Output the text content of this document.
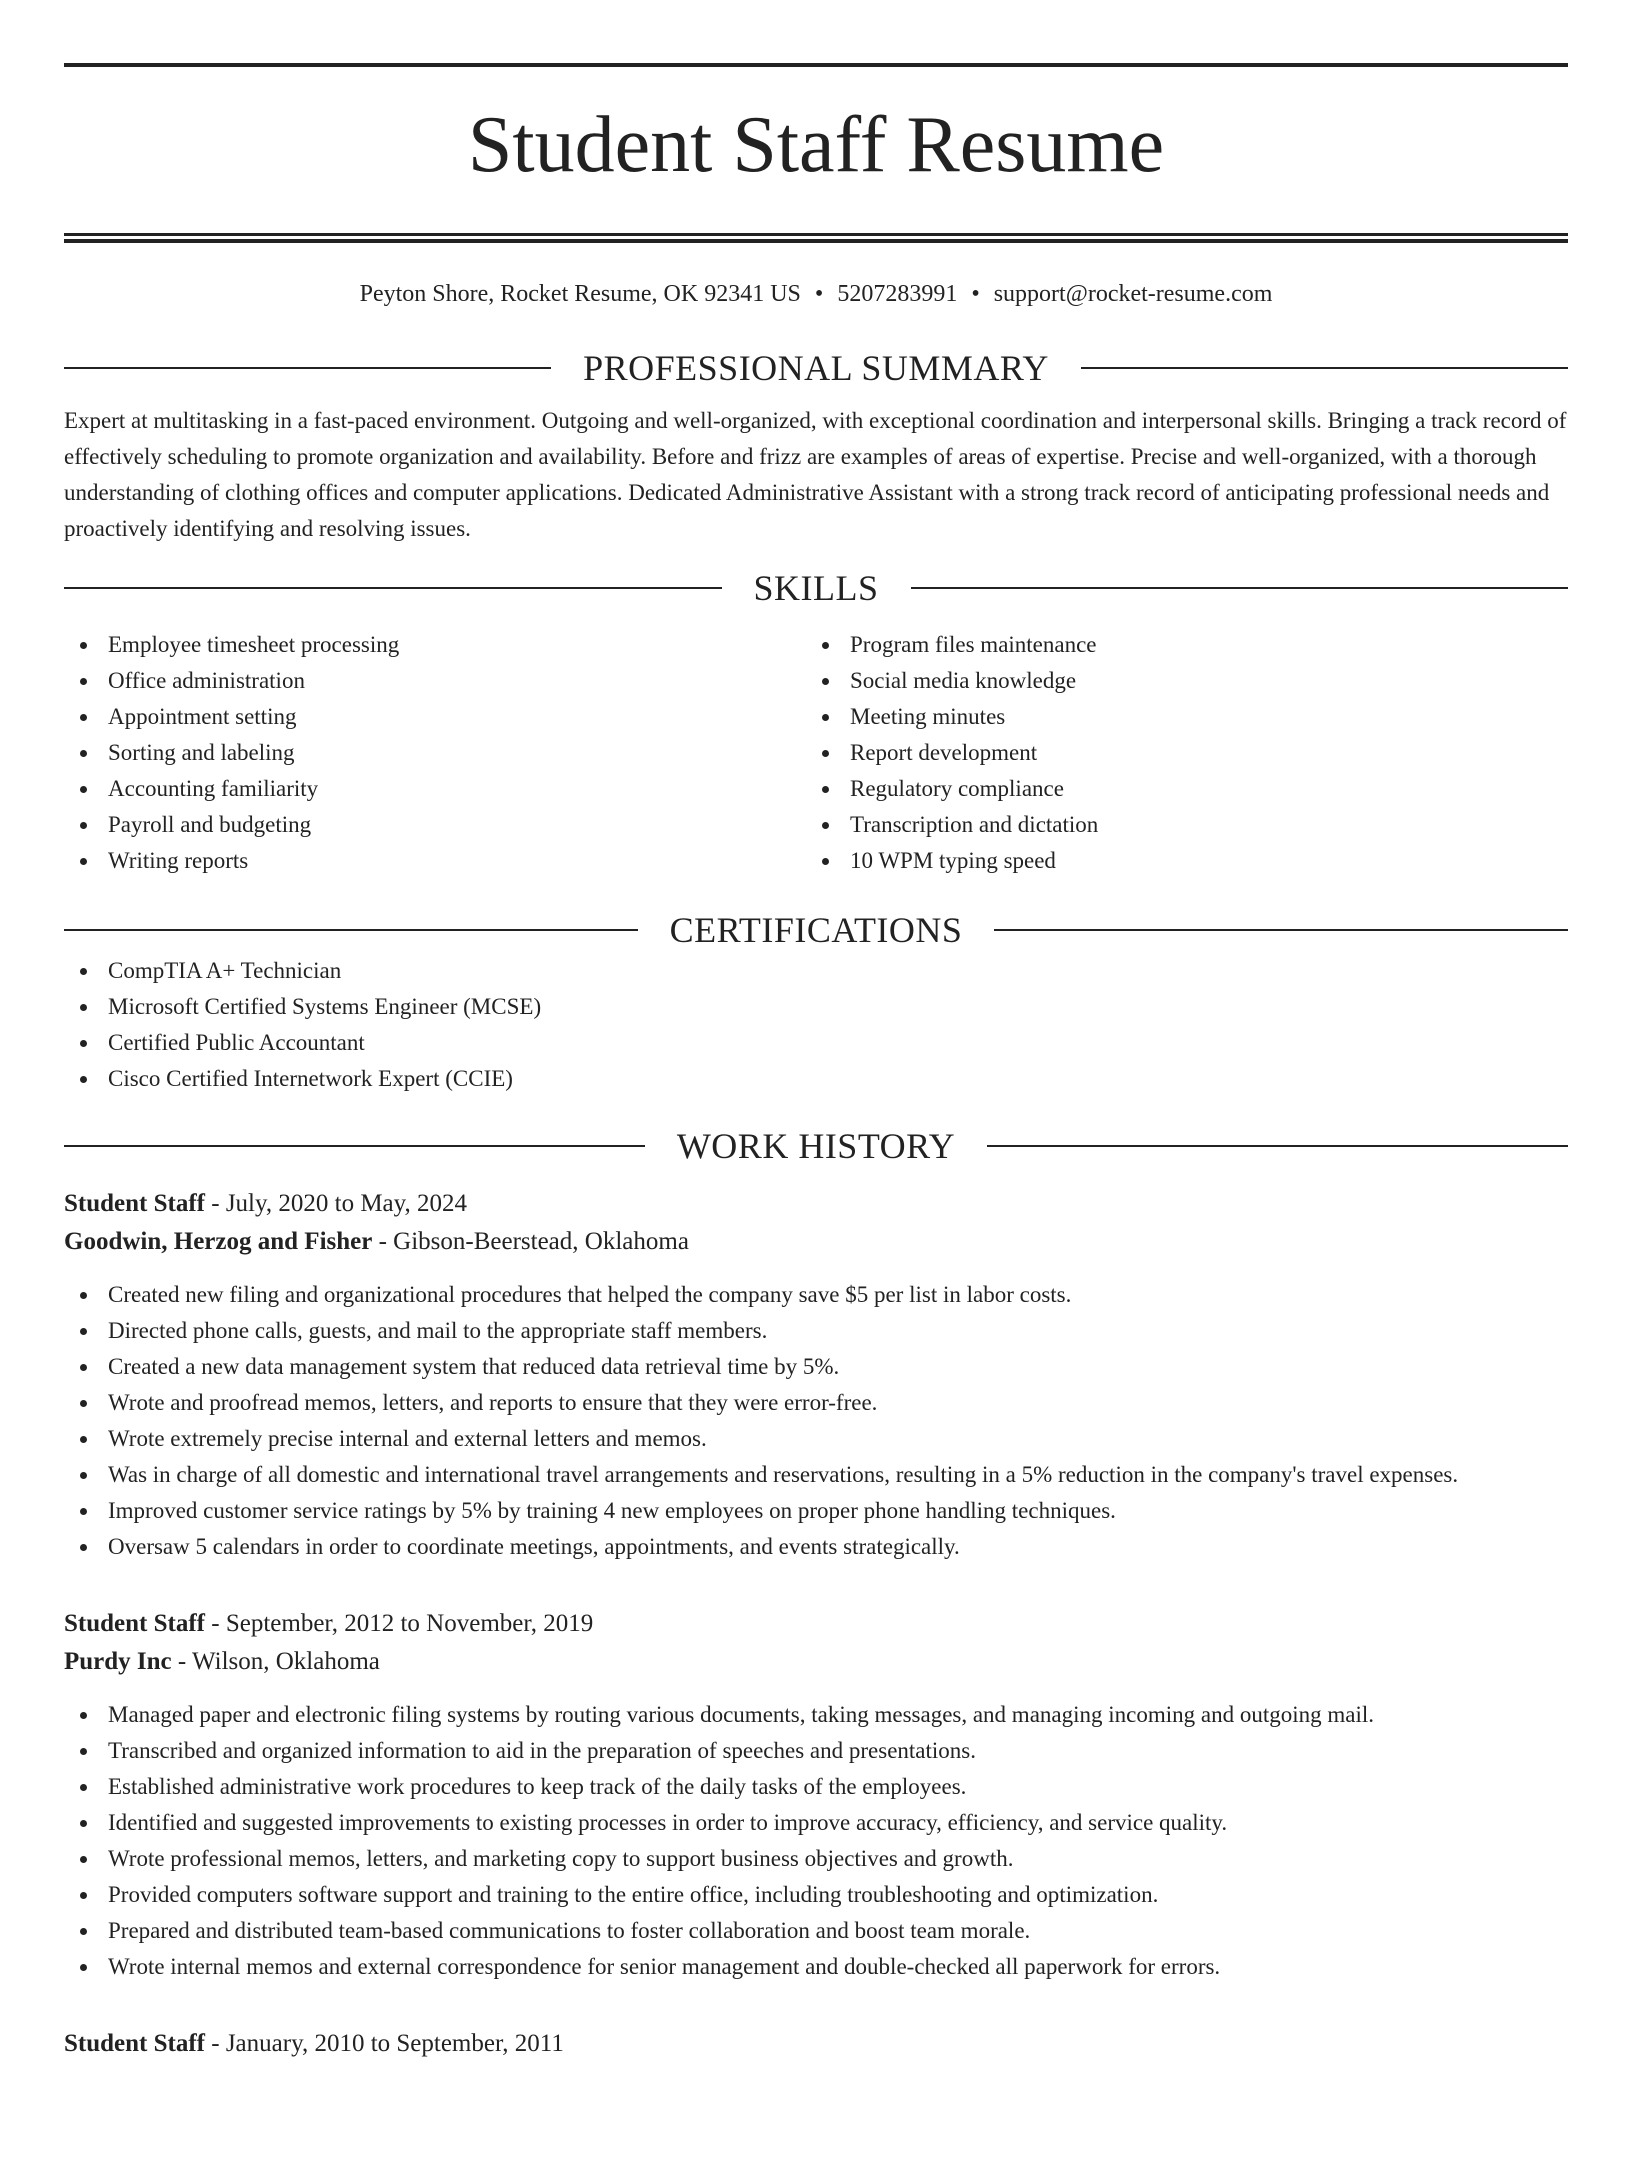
Student Staff Resume
Peyton Shore, Rocket Resume, OK 92341 US • 5207283991 • support@rocket-resume.com
PROFESSIONAL SUMMARY

Expert at multitasking in a fast-paced environment. Outgoing and well-organized, with exceptional coordination and interpersonal skills. Bringing a track record of effectively scheduling to promote organization and availability. Before and frizz are examples of areas of expertise. Precise and well-organized, with a thorough understanding of clothing offices and computer applications. Dedicated Administrative Assistant with a strong track record of anticipating professional needs and proactively identifying and resolving issues.

SKILLS
Employee timesheet processing
Office administration
Appointment setting
Sorting and labeling
Accounting familiarity
Payroll and budgeting
Writing reports
Program files maintenance
Social media knowledge
Meeting minutes
Report development
Regulatory compliance
Transcription and dictation
10 WPM typing speed
CERTIFICATIONS
CompTIA A+ Technician
Microsoft Certified Systems Engineer (MCSE)
Certified Public Accountant
Cisco Certified Internetwork Expert (CCIE)
WORK HISTORY
Student Staff - July, 2020 to May, 2024
Goodwin, Herzog and Fisher - Gibson-Beerstead, Oklahoma
Created new filing and organizational procedures that helped the company save $5 per list in labor costs.
Directed phone calls, guests, and mail to the appropriate staff members.
Created a new data management system that reduced data retrieval time by 5%.
Wrote and proofread memos, letters, and reports to ensure that they were error-free.
Wrote extremely precise internal and external letters and memos.
Was in charge of all domestic and international travel arrangements and reservations, resulting in a 5% reduction in the company's travel expenses.
Improved customer service ratings by 5% by training 4 new employees on proper phone handling techniques.
Oversaw 5 calendars in order to coordinate meetings, appointments, and events strategically.
Student Staff - September, 2012 to November, 2019
Purdy Inc - Wilson, Oklahoma
Managed paper and electronic filing systems by routing various documents, taking messages, and managing incoming and outgoing mail.
Transcribed and organized information to aid in the preparation of speeches and presentations.
Established administrative work procedures to keep track of the daily tasks of the employees.
Identified and suggested improvements to existing processes in order to improve accuracy, efficiency, and service quality.
Wrote professional memos, letters, and marketing copy to support business objectives and growth.
Provided computers software support and training to the entire office, including troubleshooting and optimization.
Prepared and distributed team-based communications to foster collaboration and boost team morale.
Wrote internal memos and external correspondence for senior management and double-checked all paperwork for errors.
Student Staff - January, 2010 to September, 2011
